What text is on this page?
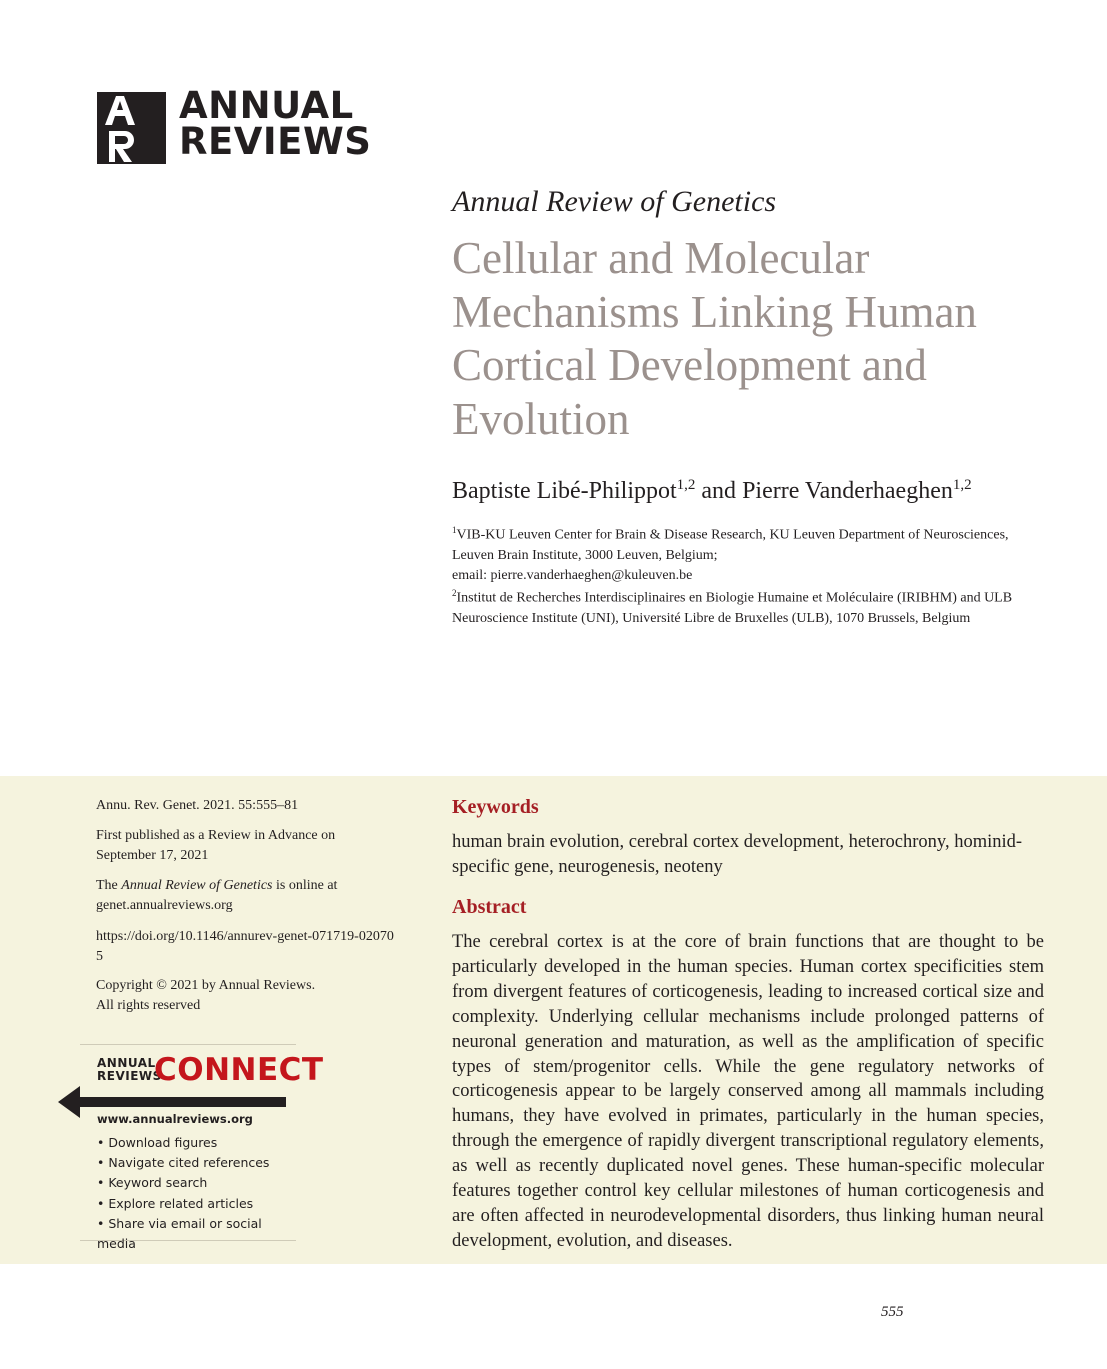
ANNUAL
REVIEWS
Annual Review of Genetics
Cellular and Molecular Mechanisms Linking Human Cortical Development and Evolution
Baptiste Libé-Philippot$^{1,2}$ and Pierre Vanderhaeghen$^{1,2}$
$^1$VIB-KU Leuven Center for Brain & Disease Research, KU Leuven Department of Neurosciences, Leuven Brain Institute, 3000 Leuven, Belgium;
email: pierre.vanderhaeghen@kuleuven.be
$^2$Institut de Recherches Interdisciplinaires en Biologie Humaine et Moléculaire (IRIBHM) and ULB Neuroscience Institute (UNI), Université Libre de Bruxelles (ULB), 1070 Brussels, Belgium
Annu. Rev. Genet. 2021. 55:555–81
First published as a Review in Advance on September 17, 2021
The Annual Review of Genetics is online at genet.annualreviews.org
https://doi.org/10.1146/annurev-genet-071719-020705
Copyright © 2021 by Annual Reviews.
All rights reserved
ANNUAL
REVIEWS
CONNECT
www.annualreviews.org
• Download figures
• Navigate cited references
• Keyword search
• Explore related articles
• Share via email or social media
Keywords
human brain evolution, cerebral cortex development, heterochrony, hominid-specific gene, neurogenesis, neoteny
Abstract
The cerebral cortex is at the core of brain functions that are thought to be particularly developed in the human species. Human cortex specificities stem from divergent features of corticogenesis, leading to increased cortical size and complexity. Underlying cellular mechanisms include prolonged patterns of neuronal generation and maturation, as well as the amplification of specific types of stem/progenitor cells. While the gene regulatory networks of corticogenesis appear to be largely conserved among all mammals including humans, they have evolved in primates, particularly in the human species, through the emergence of rapidly divergent transcriptional regulatory elements, as well as recently duplicated novel genes. These human-specific molecular features together control key cellular milestones of human corticogenesis and are often affected in neurodevelopmental disorders, thus linking human neural development, evolution, and diseases.
555
